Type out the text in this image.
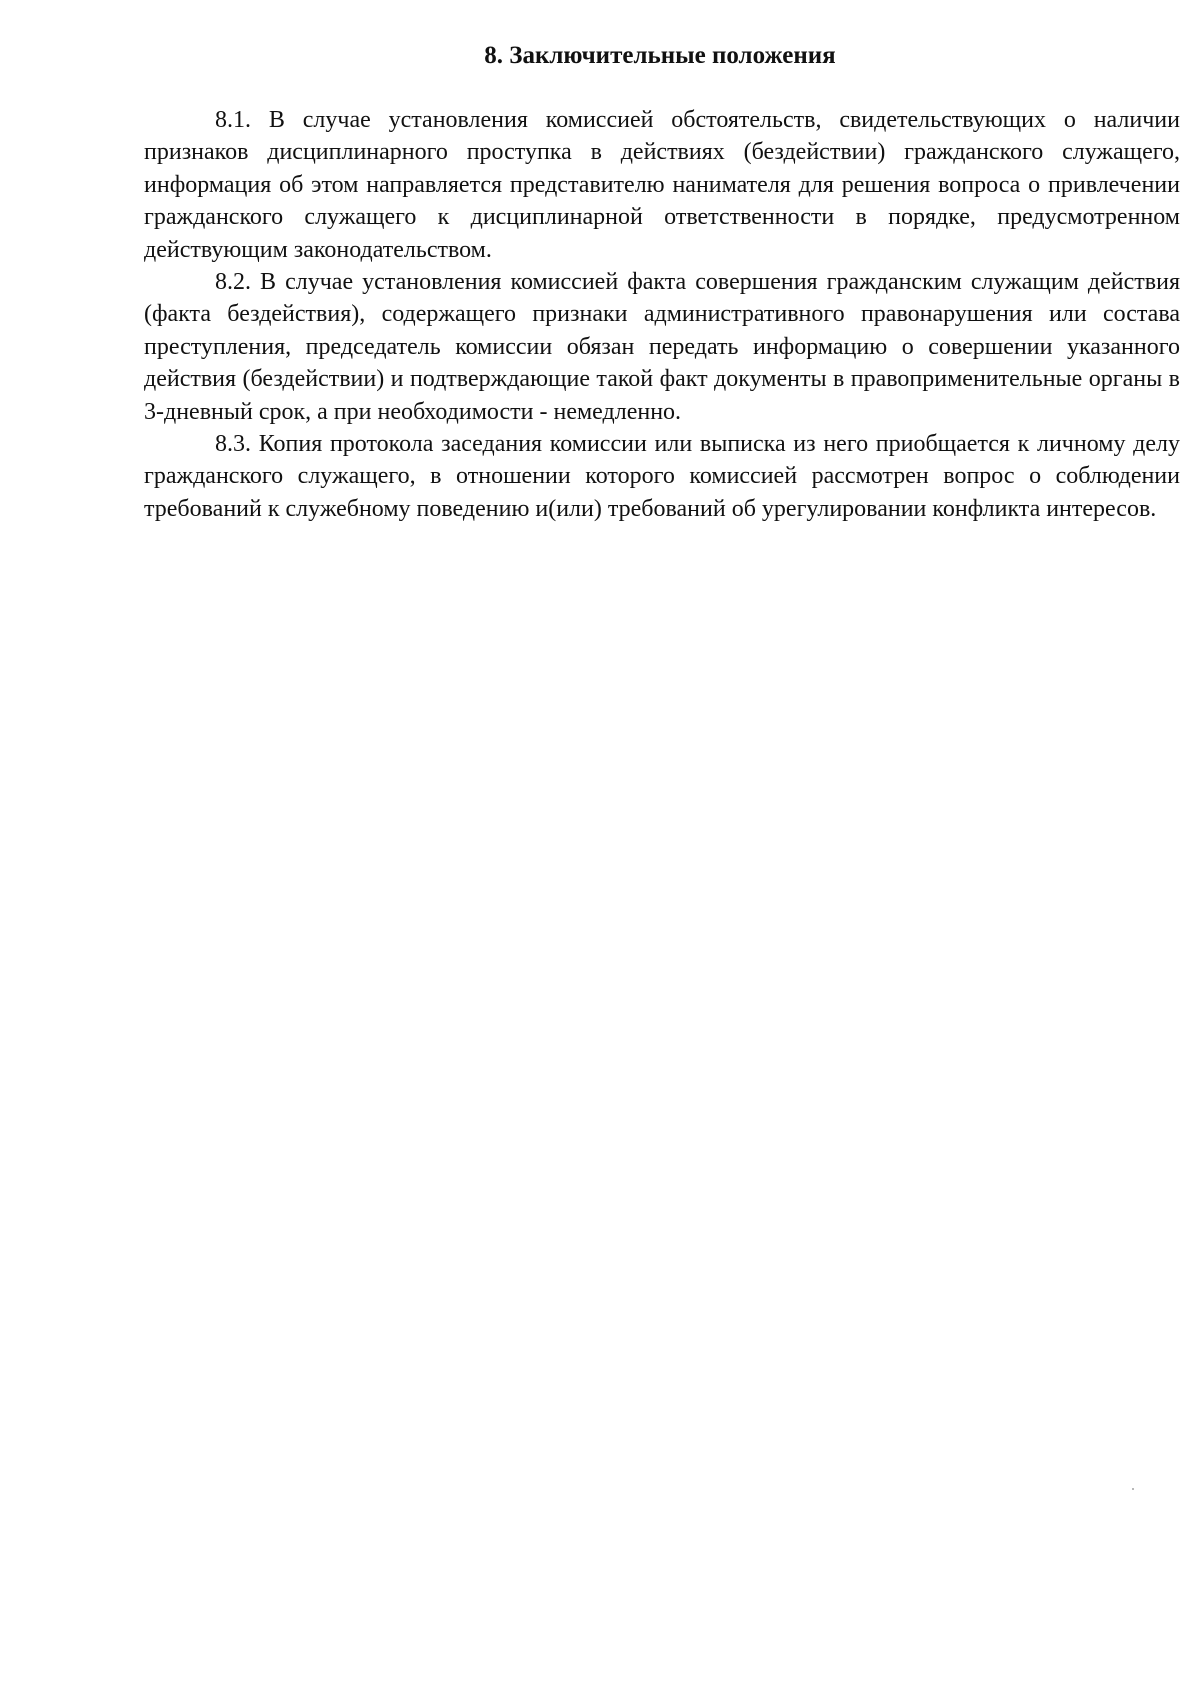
8. Заключительные положения

8.1. В случае установления комиссией обстоятельств, свидетельствующих о наличии признаков дисциплинарного проступка в действиях (бездействии) гражданского служащего, информация об этом направляется представителю нанимателя для решения вопроса о привлечении гражданского служащего к дисциплинарной ответственности в порядке, предусмотренном действующим законодательством.

8.2. В случае установления комиссией факта совершения гражданским служащим действия (факта бездействия), содержащего признаки административного правонарушения или состава преступления, председатель комиссии обязан передать информацию о совершении указанного действия (бездействии) и подтверждающие такой факт документы в правоприменительные органы в 3-дневный срок, а при необходимости - немедленно.

8.3. Копия протокола заседания комиссии или выписка из него приобщается к личному делу гражданского служащего, в отношении которого комиссией рассмотрен вопрос о соблюдении требований к служебному поведению и(или) требований об урегулировании конфликта интересов.
